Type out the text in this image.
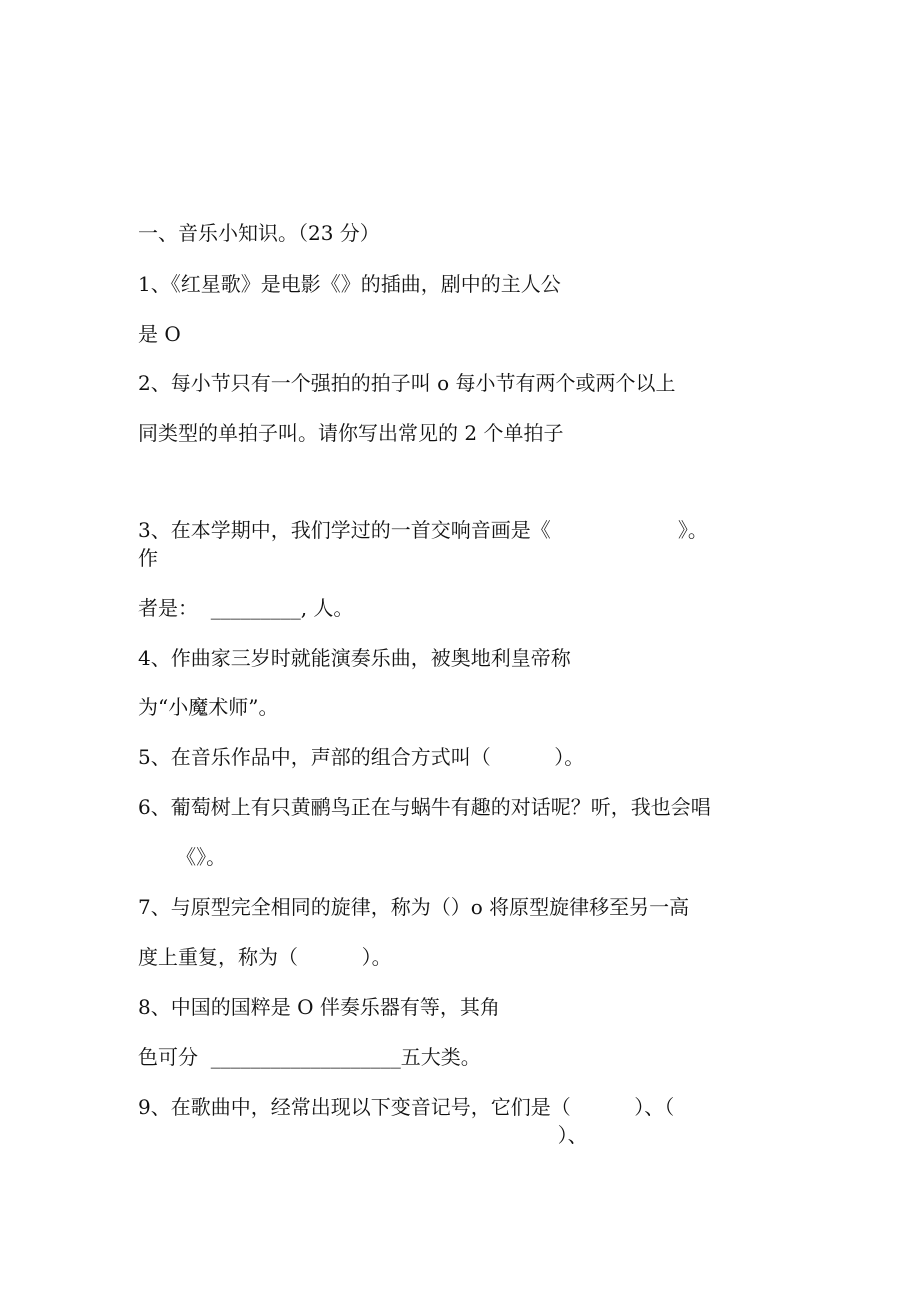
一、音乐小知识。（23 分）

1、《红星歌》是电影《》的插曲，剧中的主人公

是 O

2、每小节只有一个强拍的拍子叫 o 每小节有两个或两个以上

同类型的单拍子叫。请你写出常见的 2 个单拍子

3、在本学期中，我们学过的一首交响音画是《                    》。

作

者是：  _________, 人。

4、作曲家三岁时就能演奏乐曲，被奥地利皇帝称

为“小魔术师”。

5、在音乐作品中，声部的组合方式叫（          ）。

6、葡萄树上有只黄鹂鸟正在与蜗牛有趣的对话呢？听，我也会唱

《》。

7、与原型完全相同的旋律，称为（）o 将原型旋律移至另一高

度上重复，称为（          ）。

8、中国的国粹是 O 伴奏乐器有等，其角

色可分  ___________________五大类。

9、在歌曲中，经常出现以下变音记号，它们是（          ）、（

）、
